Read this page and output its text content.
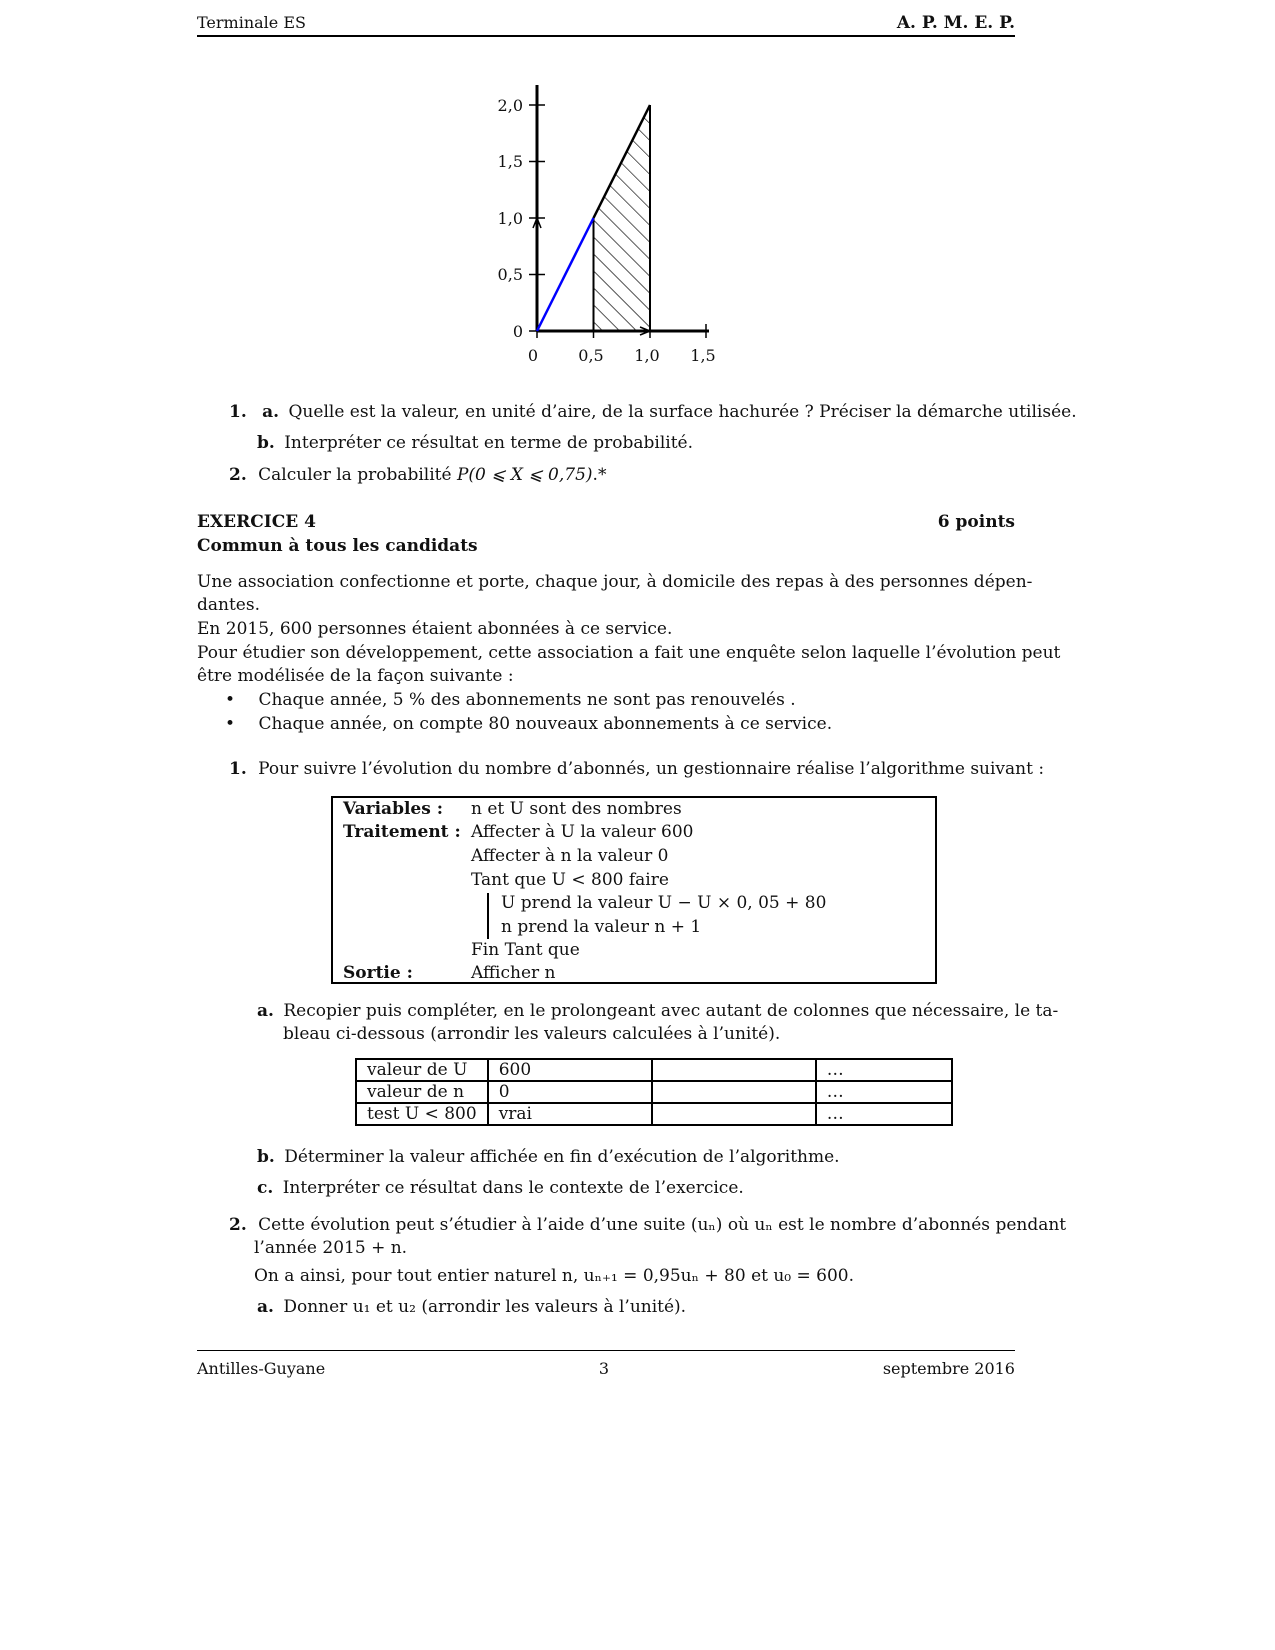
Terminale ES	A. P. M. E. P.
2,0
1,5
1,0
0,5
0
0	0,5 1,0 1,5
1. a. Quelle est la valeur, en unité d’aire, de la surface hachurée ? Préciser la démarche utilisée.
b. Interpréter ce résultat en terme de probabilité.
2. Calculer la probabilité P(0 ⩽ X ⩽ 0,75).*
EXERCICE 4	6 points
Commun à tous les candidats
Une association confectionne et porte, chaque jour, à domicile des repas à des personnes dépen-
dantes.
En 2015, 600 personnes étaient abonnées à ce service.
Pour étudier son développement, cette association a fait une enquête selon laquelle l’évolution peut
être modélisée de la façon suivante :
• Chaque année, 5 % des abonnements ne sont pas renouvelés .
• Chaque année, on compte 80 nouveaux abonnements à ce service.
1. Pour suivre l’évolution du nombre d’abonnés, un gestionnaire réalise l’algorithme suivant :
Variables : n et U sont des nombres
Traitement : Affecter à U la valeur 600
Affecter à n la valeur 0
Tant que U < 800 faire
U prend la valeur U − U × 0, 05 + 80
n prend la valeur n + 1
Fin Tant que
Sortie :	Afficher n
a. Recopier puis compléter, en le prolongeant avec autant de colonnes que nécessaire, le ta-
bleau ci-dessous (arrondir les valeurs calculées à l’unité).
valeur de U	600		…
valeur de n	0		…
test U < 800	vrai		…
b. Déterminer la valeur affichée en fin d’exécution de l’algorithme.
c. Interpréter ce résultat dans le contexte de l’exercice.
2. Cette évolution peut s’étudier à l’aide d’une suite (uₙ) où uₙ est le nombre d’abonnés pendant
l’année 2015 + n.
On a ainsi, pour tout entier naturel n, uₙ₊₁ = 0,95uₙ + 80 et u₀ = 600.
a. Donner u₁ et u₂ (arrondir les valeurs à l’unité).
Antilles-Guyane	3	septembre 2016
